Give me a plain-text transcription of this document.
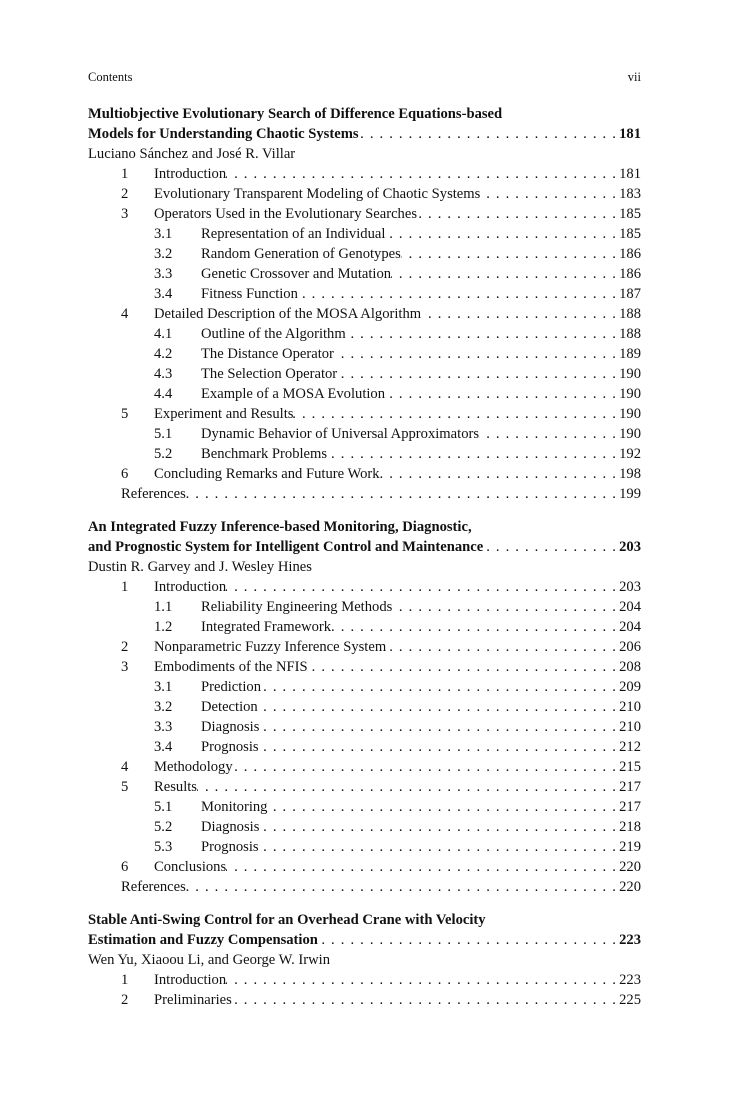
Contents	vii
Multiobjective Evolutionary Search of Difference Equations-based
Models for Understanding Chaotic Systems . . .	181
Luciano Sánchez and José R. Villar
1	Introduction . . .	181
2	Evolutionary Transparent Modeling of Chaotic Systems . . .	183
3	Operators Used in the Evolutionary Searches . . .	185
3.1	Representation of an Individual . . .	185
3.2	Random Generation of Genotypes . . .	186
3.3	Genetic Crossover and Mutation . . .	186
3.4	Fitness Function . . .	187
4	Detailed Description of the MOSA Algorithm . . .	188
4.1	Outline of the Algorithm . . .	188
4.2	The Distance Operator . . .	189
4.3	The Selection Operator . . .	190
4.4	Example of a MOSA Evolution . . .	190
5	Experiment and Results . . .	190
5.1	Dynamic Behavior of Universal Approximators . . .	190
5.2	Benchmark Problems . . .	192
6	Concluding Remarks and Future Work . . .	198
References . . .	199
An Integrated Fuzzy Inference-based Monitoring, Diagnostic,
and Prognostic System for Intelligent Control and Maintenance . . .	203
Dustin R. Garvey and J. Wesley Hines
1	Introduction . . .	203
1.1	Reliability Engineering Methods . . .	204
1.2	Integrated Framework . . .	204
2	Nonparametric Fuzzy Inference System . . .	206
3	Embodiments of the NFIS . . .	208
3.1	Prediction . . .	209
3.2	Detection . . .	210
3.3	Diagnosis . . .	210
3.4	Prognosis . . .	212
4	Methodology . . .	215
5	Results . . .	217
5.1	Monitoring . . .	217
5.2	Diagnosis . . .	218
5.3	Prognosis . . .	219
6	Conclusions . . .	220
References . . .	220
Stable Anti-Swing Control for an Overhead Crane with Velocity
Estimation and Fuzzy Compensation . . .	223
Wen Yu, Xiaoou Li, and George W. Irwin
1	Introduction . . .	223
2	Preliminaries . . .	225
